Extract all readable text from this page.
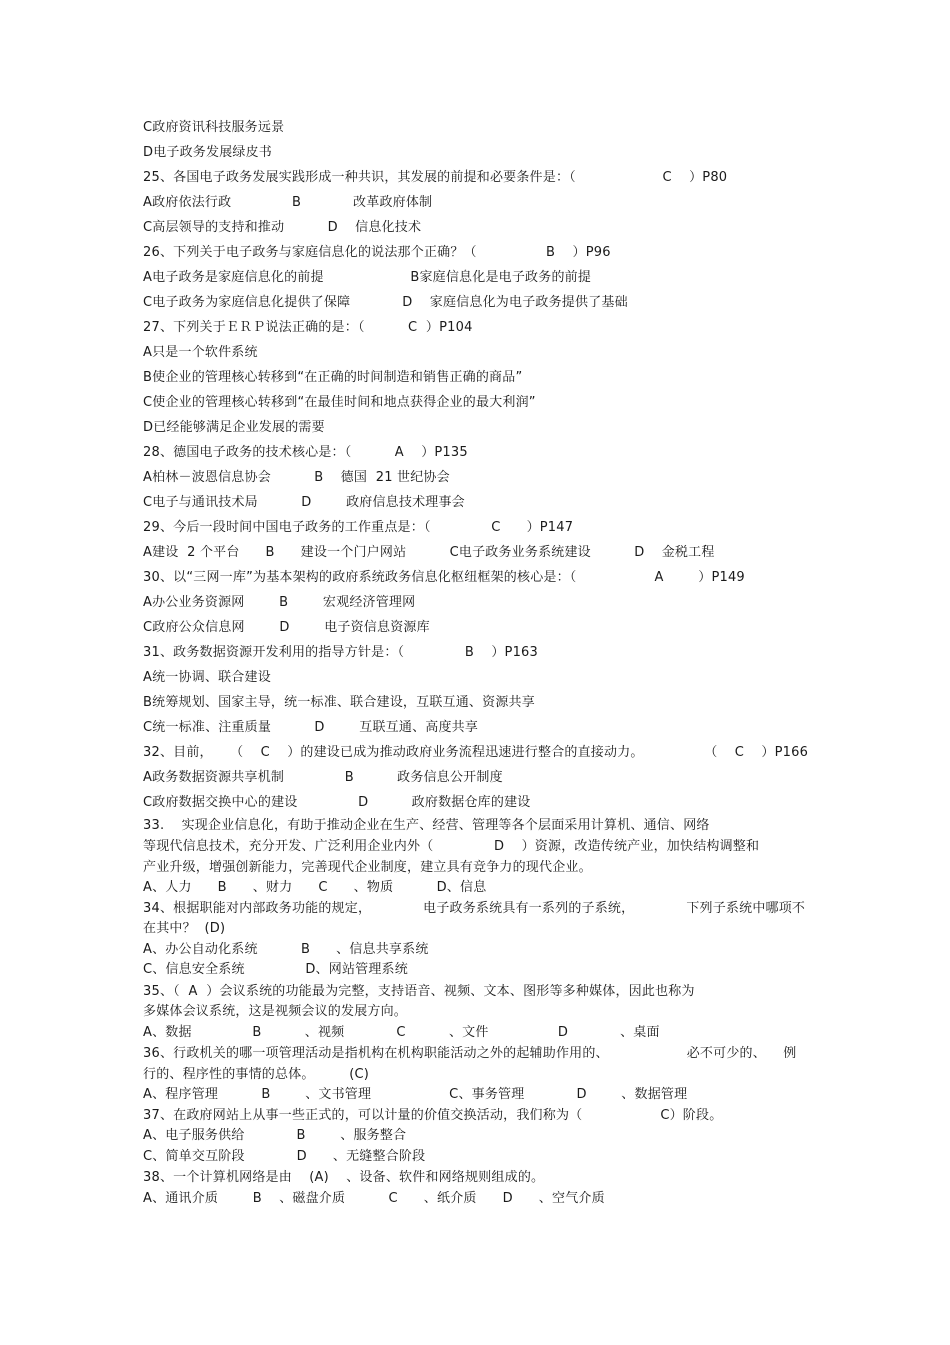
C政府资讯科技服务远景
D电子政务发展绿皮书
25、各国电子政务发展实践形成一种共识，其发展的前提和必要条件是：（                    C    ）P80
A政府依法行政              B            改革政府体制
C高层领导的支持和推动          D    信息化技术
26、下列关于电子政务与家庭信息化的说法那个正确？（                B    ）P96
A电子政务是家庭信息化的前提                    B家庭信息化是电子政务的前提
C电子政务为家庭信息化提供了保障            D    家庭信息化为电子政务提供了基础
27、下列关于ＥＲＰ说法正确的是：（          C  ）P104
A只是一个软件系统
B使企业的管理核心转移到“在正确的时间制造和销售正确的商品”
C使企业的管理核心转移到“在最佳时间和地点获得企业的最大利润”
D已经能够满足企业发展的需要
28、德国电子政务的技术核心是：（          A    ）P135
A柏林－波恩信息协会          B    德国  21 世纪协会
C电子与通讯技术局          D        政府信息技术理事会
29、今后一段时间中国电子政务的工作重点是：（              C      ）P147
A建设  2 个平台      B      建设一个门户网站          C电子政务业务系统建设          D    金税工程
30、以“三网一库”为基本架构的政府系统政务信息化枢纽框架的核心是：（                  A        ）P149
A办公业务资源网        B        宏观经济管理网
C政府公众信息网        D        电子资信息资源库
31、政务数据资源开发利用的指导方针是：（              B    ）P163
A统一协调、联合建设
B统筹规划、国家主导，统一标准、联合建设，互联互通、资源共享
C统一标准、注重质量          D        互联互通、高度共享
32、目前，    （    C    ）的建设已成为推动政府业务流程迅速进行整合的直接动力。              （    C    ）P166
A政务数据资源共享机制              B          政务信息公开制度
C政府数据交换中心的建设              D          政府数据仓库的建设
33.    实现企业信息化，有助于推动企业在生产、经营、管理等各个层面采用计算机、通信、网络
等现代信息技术，充分开发、广泛利用企业内外（              D    ）资源，改造传统产业，加快结构调整和
产业升级，增强创新能力，完善现代企业制度，建立具有竞争力的现代企业。
A、人力      B      、财力      C      、物质          D、信息
34、根据职能对内部政务功能的规定，            电子政务系统具有一系列的子系统，            下列子系统中哪项不
在其中？  (D)
A、办公自动化系统          B      、信息共享系统
C、信息安全系统              D、网站管理系统
35、（  A  ）会议系统的功能最为完整，支持语音、视频、文本、图形等多种媒体，因此也称为
多媒体会议系统，这是视频会议的发展方向。
A、数据              B          、视频            C          、文件                D            、桌面
36、行政机关的哪一项管理活动是指机构在机构职能活动之外的起辅助作用的、                  必不可少的、    例
行的、程序性的事情的总体。        (C)
A、程序管理          B        、文书管理                  C、事务管理            D        、数据管理
37、在政府网站上从事一些正式的，可以计量的价值交换活动，我们称为（                  C）阶段。
A、电子服务供给            B        、服务整合
C、简单交互阶段            D      、无缝整合阶段
38、一个计算机网络是由    (A)    、设备、软件和网络规则组成的。
A、通讯介质        B    、磁盘介质          C      、纸介质      D      、空气介质
